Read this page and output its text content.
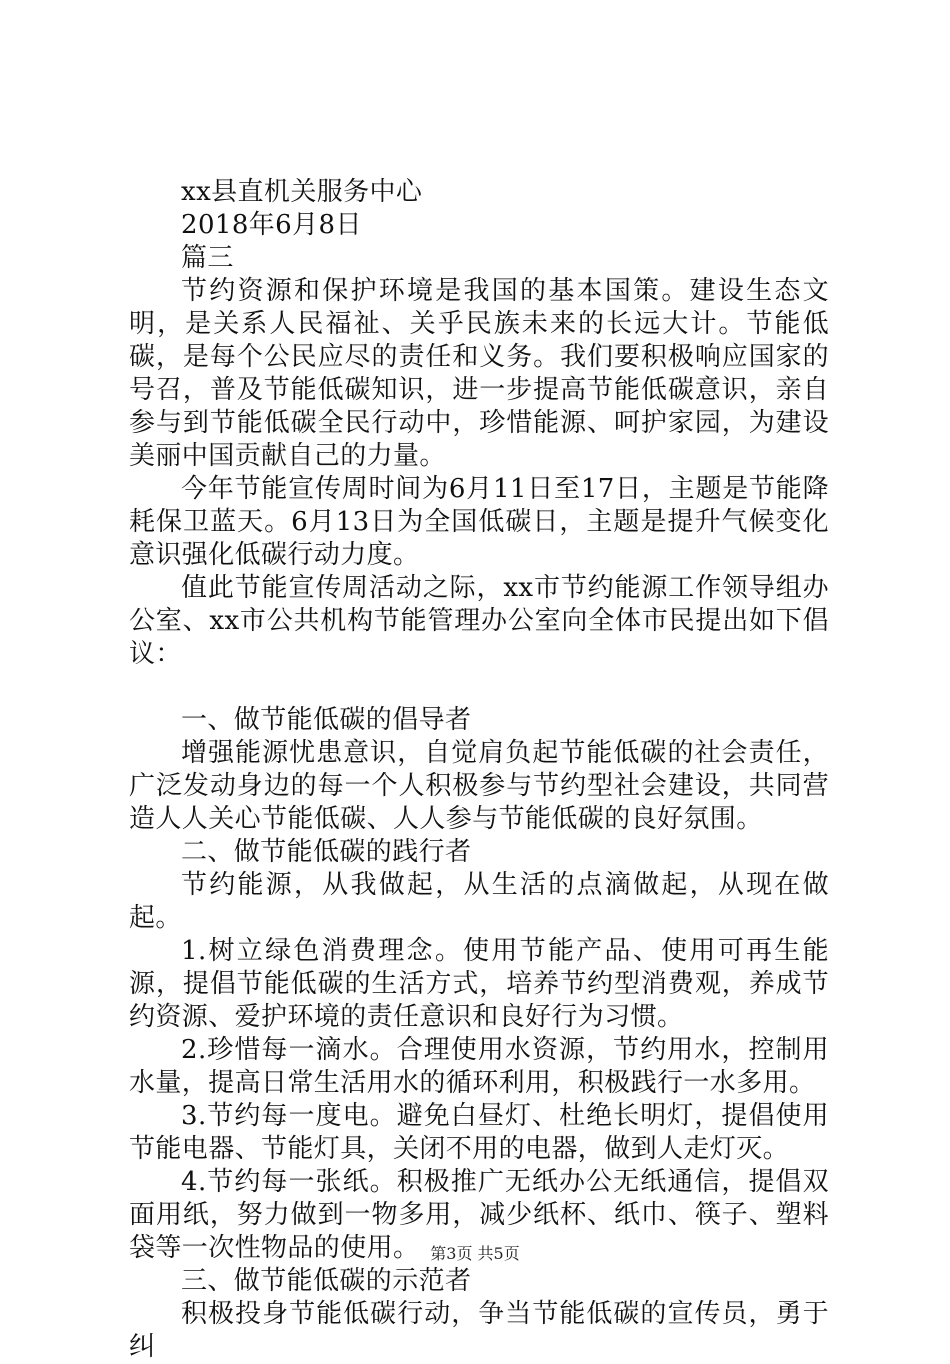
xx县直机关服务中心

2018年6月8日

篇三

节约资源和保护环境是我国的基本国策。建设生态文明，是关系人民福祉、关乎民族未来的长远大计。节能低碳，是每个公民应尽的责任和义务。我们要积极响应国家的号召，普及节能低碳知识，进一步提高节能低碳意识，亲自参与到节能低碳全民行动中，珍惜能源、呵护家园，为建设美丽中国贡献自己的力量。

今年节能宣传周时间为6月11日至17日，主题是节能降耗保卫蓝天。6月13日为全国低碳日，主题是提升气候变化意识强化低碳行动力度。

值此节能宣传周活动之际，xx市节约能源工作领导组办公室、xx市公共机构节能管理办公室向全体市民提出如下倡议：

一、做节能低碳的倡导者

增强能源忧患意识，自觉肩负起节能低碳的社会责任，广泛发动身边的每一个人积极参与节约型社会建设，共同营造人人关心节能低碳、人人参与节能低碳的良好氛围。

二、做节能低碳的践行者

节约能源，从我做起，从生活的点滴做起，从现在做起。

1.树立绿色消费理念。使用节能产品、使用可再生能源，提倡节能低碳的生活方式，培养节约型消费观，养成节约资源、爱护环境的责任意识和良好行为习惯。

2.珍惜每一滴水。合理使用水资源，节约用水，控制用水量，提高日常生活用水的循环利用，积极践行一水多用。

3.节约每一度电。避免白昼灯、杜绝长明灯，提倡使用节能电器、节能灯具，关闭不用的电器，做到人走灯灭。

4.节约每一张纸。积极推广无纸办公无纸通信，提倡双面用纸，努力做到一物多用，减少纸杯、纸巾、筷子、塑料袋等一次性物品的使用。

三、做节能低碳的示范者

积极投身节能低碳行动，争当节能低碳的宣传员，勇于纠

第3页 共5页
